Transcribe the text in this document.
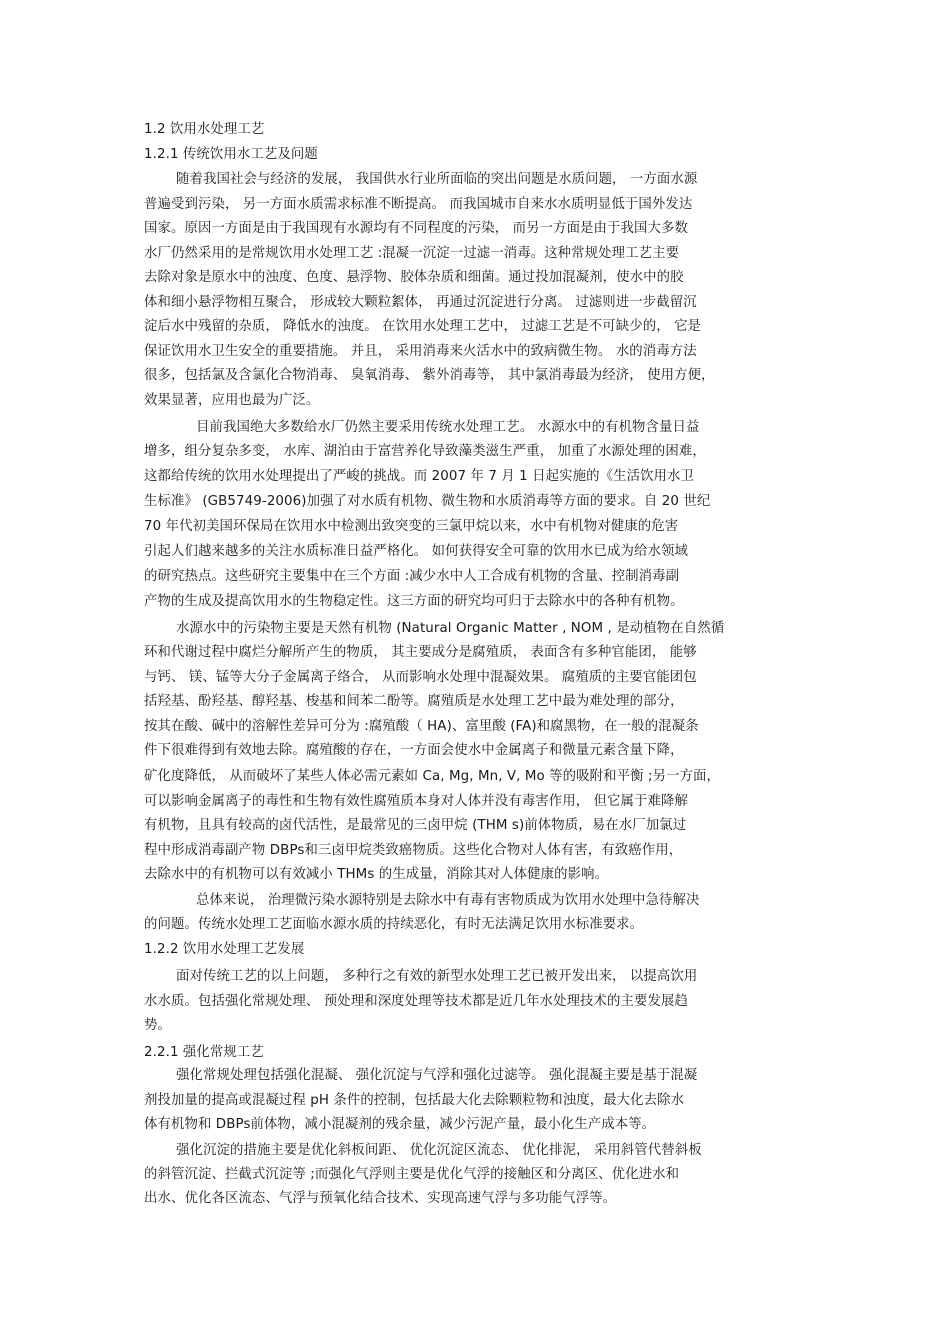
1.2 饮用水处理工艺
1.2.1 传统饮用水工艺及问题
随着我国社会与经济的发展， 我国供水行业所面临的突出问题是水质问题， 一方面水源
普遍受到污染， 另一方面水质需求标准不断提高。 而我国城市自来水水质明显低于国外发达
国家。原因一方面是由于我国现有水源均有不同程度的污染， 而另一方面是由于我国大多数
水厂仍然采用的是常规饮用水处理工艺 :混凝一沉淀一过滤一消毒。这种常规处理工艺主要
去除对象是原水中的浊度、色度、悬浮物、胶体杂质和细菌。通过投加混凝剂，使水中的胶
体和细小悬浮物相互聚合， 形成较大颗粒絮体， 再通过沉淀进行分离。 过滤则进一步截留沉
淀后水中残留的杂质， 降低水的浊度。 在饮用水处理工艺中， 过滤工艺是不可缺少的， 它是
保证饮用水卫生安全的重要措施。 并且， 采用消毒来火活水中的致病微生物。 水的消毒方法
很多，包括氯及含氯化合物消毒、 臭氧消毒、 紫外消毒等， 其中氯消毒最为经济， 使用方便，
效果显著，应用也最为广泛。
目前我国绝大多数给水厂仍然主要采用传统水处理工艺。 水源水中的有机物含量日益
增多，组分复杂多变， 水库、湖泊由于富营养化导致藻类滋生严重， 加重了水源处理的困难，
这都给传统的饮用水处理提出了严峻的挑战。而 2007 年 7 月 1 日起实施的《生活饮用水卫
生标准》 (GB5749-2006)加强了对水质有机物、微生物和水质消毒等方面的要求。自 20 世纪
70 年代初美国环保局在饮用水中检测出致突变的三氯甲烷以来，水中有机物对健康的危害
引起人们越来越多的关注水质标准日益严格化。 如何获得安全可靠的饮用水已成为给水领域
的研究热点。这些研究主要集中在三个方面 :减少水中人工合成有机物的含量、控制消毒副
产物的生成及提高饮用水的生物稳定性。这三方面的研究均可归于去除水中的各种有机物。
水源水中的污染物主要是天然有机物 (Natural Organic Matter , NOM , 是动植物在自然循
环和代谢过程中腐烂分解所产生的物质， 其主要成分是腐殖质， 表面含有多种官能团， 能够
与钙、 镁、锰等大分子金属离子络合， 从而影响水处理中混凝效果。 腐殖质的主要官能团包
括羟基、酚羟基、醇羟基、梭基和间苯二酚等。腐殖质是水处理工艺中最为难处理的部分，
按其在酸、碱中的溶解性差异可分为 :腐殖酸（ HA)、富里酸 (FA)和腐黑物，在一般的混凝条
件下很难得到有效地去除。腐殖酸的存在，一方面会使水中金属离子和微量元素含量下降，
矿化度降低， 从而破坏了某些人体必需元素如 Ca, Mg, Mn, V, Mo 等的吸附和平衡 ;另一方面，
可以影响金属离子的毒性和生物有效性腐殖质本身对人体并没有毒害作用， 但它属于难降解
有机物，且具有较高的卤代活性，是最常见的三卤甲烷 (THM s)前体物质，易在水厂加氯过
程中形成消毒副产物 DBPs和三卤甲烷类致癌物质。这些化合物对人体有害，有致癌作用，
去除水中的有机物可以有效减小 THMs 的生成量，消除其对人体健康的影响。
总体来说， 治理微污染水源特别是去除水中有毒有害物质成为饮用水处理中急待解决
的问题。传统水处理工艺面临水源水质的持续恶化，有时无法满足饮用水标准要求。
1.2.2 饮用水处理工艺发展
面对传统工艺的以上问题， 多种行之有效的新型水处理工艺已被开发出来， 以提高饮用
水水质。包括强化常规处理、 预处理和深度处理等技术都是近几年水处理技术的主要发展趋
势。
2.2.1 强化常规工艺
强化常规处理包括强化混凝、 强化沉淀与气浮和强化过滤等。 强化混凝主要是基于混凝
剂投加量的提高或混凝过程 pH 条件的控制，包括最大化去除颗粒物和浊度，最大化去除水
体有机物和 DBPs前体物，减小混凝剂的残余量，减少污泥产量，最小化生产成本等。
强化沉淀的措施主要是优化斜板间距、 优化沉淀区流态、 优化排泥， 采用斜管代替斜板
的斜管沉淀、拦截式沉淀等 ;而强化气浮则主要是优化气浮的接触区和分离区、优化进水和
出水、优化各区流态、气浮与预氧化结合技术、实现高速气浮与多功能气浮等。
